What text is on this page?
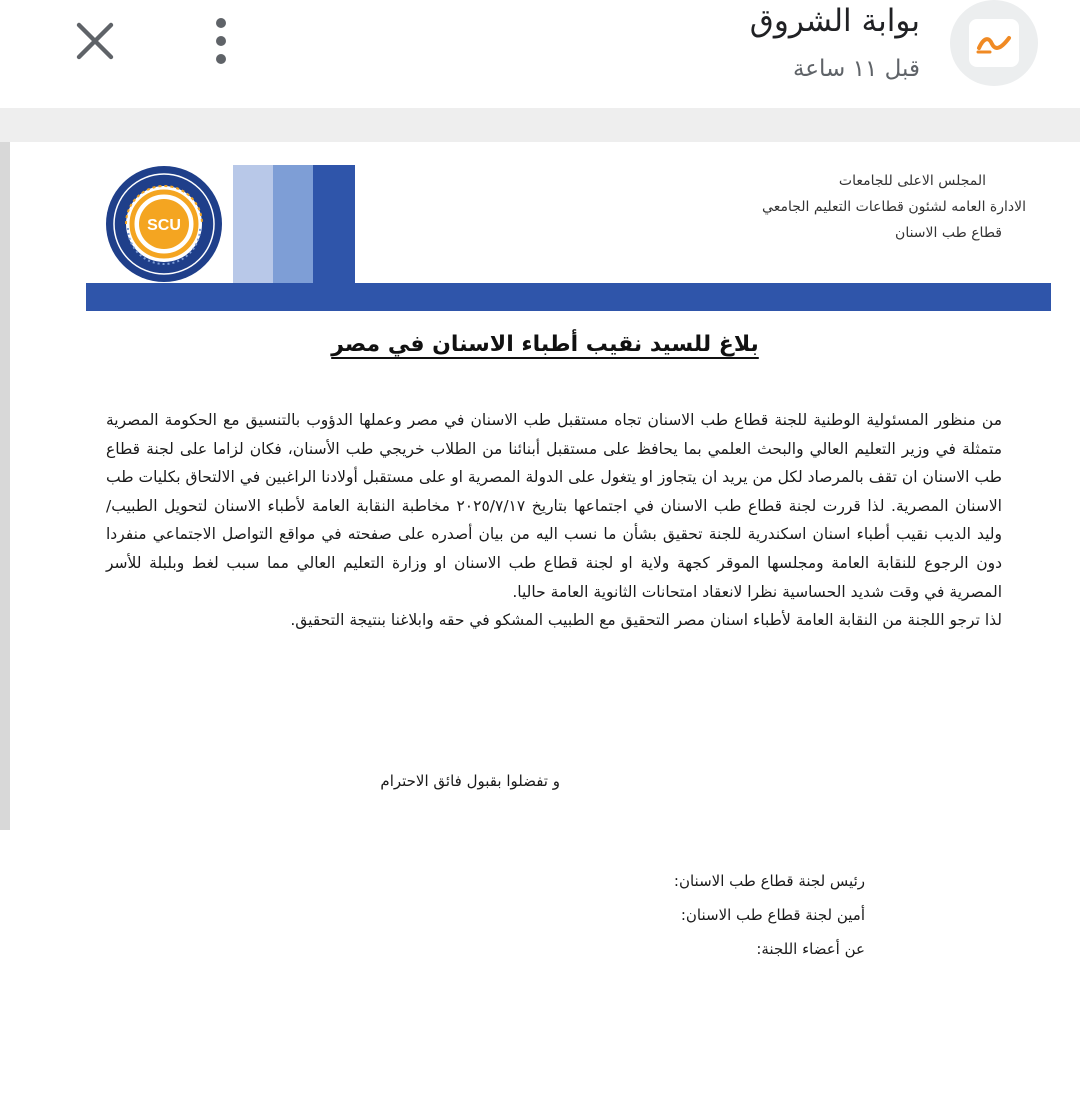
بوابة الشروق
قبل ١١ ساعة
SCU
المجلس الاعلى للجامعات
الادارة العامه لشئون قطاعات التعليم الجامعي
قطاع طب الاسنان
بلاغ للسيد نقيب أطباء الاسنان في مصر

من منظور المسئولية الوطنية للجنة قطاع طب الاسنان تجاه مستقبل طب الاسنان في مصر وعملها الدؤوب بالتنسيق مع الحكومة المصرية متمثلة في وزير التعليم العالي والبحث العلمي بما يحافظ على مستقبل أبنائنا من الطلاب خريجي طب الأسنان، فكان لزاما على لجنة قطاع طب الاسنان ان تقف بالمرصاد لكل من يريد ان يتجاوز او يتغول على الدولة المصرية او على مستقبل أولادنا الراغبين في الالتحاق بكليات طب الاسنان المصرية. لذا قررت لجنة قطاع طب الاسنان في اجتماعها بتاريخ ٢٠٢٥/٧/١٧ مخاطبة النقابة العامة لأطباء الاسنان لتحويل الطبيب/ وليد الديب نقيب أطباء اسنان اسكندرية للجنة تحقيق بشأن ما نسب اليه من بيان أصدره على صفحته في مواقع التواصل الاجتماعي منفردا دون الرجوع للنقابة العامة ومجلسها الموقر كجهة ولاية او لجنة قطاع طب الاسنان او وزارة التعليم العالي مما سبب لغط وبلبلة للأسر المصرية في وقت شديد الحساسية نظرا لانعقاد امتحانات الثانوية العامة حاليا.

لذا ترجو اللجنة من النقابة العامة لأطباء اسنان مصر التحقيق مع الطبيب المشكو في حقه وابلاغنا بنتيجة التحقيق.

و تفضلوا بقبول فائق الاحترام
رئيس لجنة قطاع طب الاسنان:
أمين لجنة قطاع طب الاسنان:
عن أعضاء اللجنة:
